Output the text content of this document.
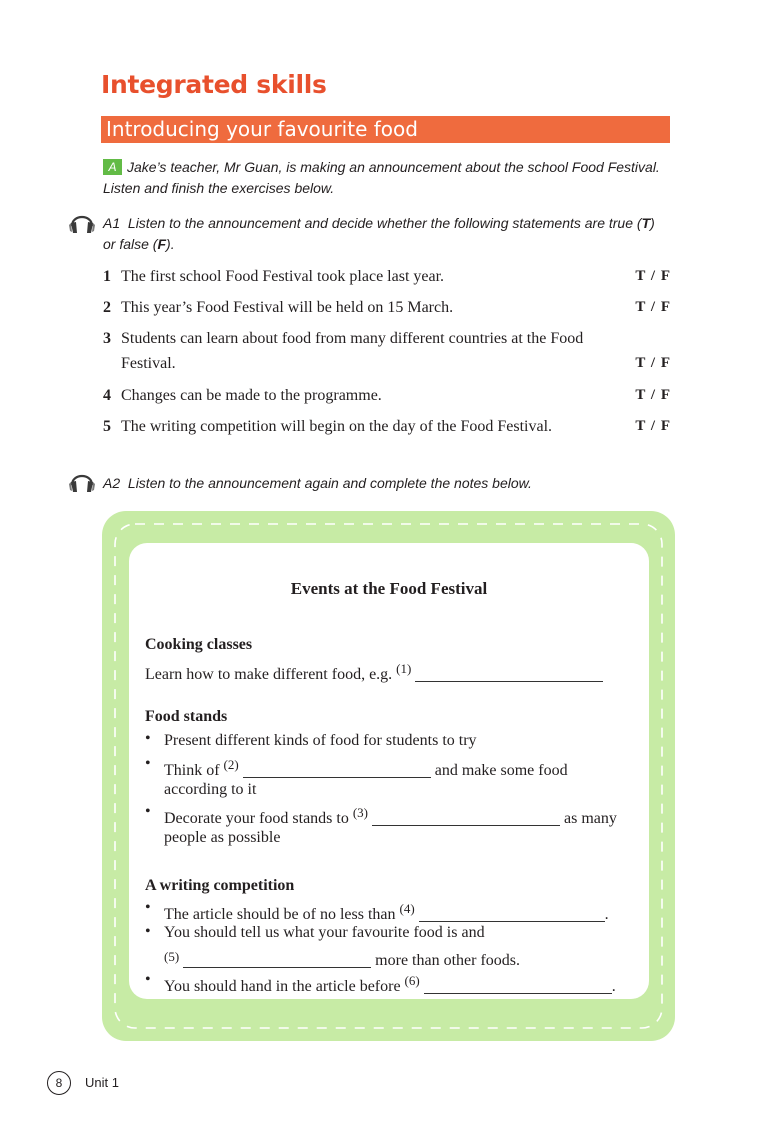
Integrated skills
Introducing your favourite food
A Jake’s teacher, Mr Guan, is making an announcement about the school Food Festival. Listen and finish the exercises below.
A1 Listen to the announcement and decide whether the following statements are true (T) or false (F).
1 The first school Food Festival took place last year.	T / F
2 This year’s Food Festival will be held on 15 March.	T / F
3 Students can learn about food from many different countries at the Food Festival.	T / F
4 Changes can be made to the programme.	T / F
5 The writing competition will begin on the day of the Food Festival.	T / F
A2 Listen to the announcement again and complete the notes below.
Events at the Food Festival
Cooking classes
Learn how to make different food, e.g. $^{(1)}$
Food stands
• Present different kinds of food for students to try
• Think of $^{(2)}$	and make some food
according to it
• Decorate your food stands to $^{(3)}$	as many
people as possible
A writing competition
• The article should be of no less than $^{(4)}$	.
• You should tell us what your favourite food is and
$^{(5)}$	more than other foods.
• You should hand in the article before $^{(6)}$	.
8	Unit 1
